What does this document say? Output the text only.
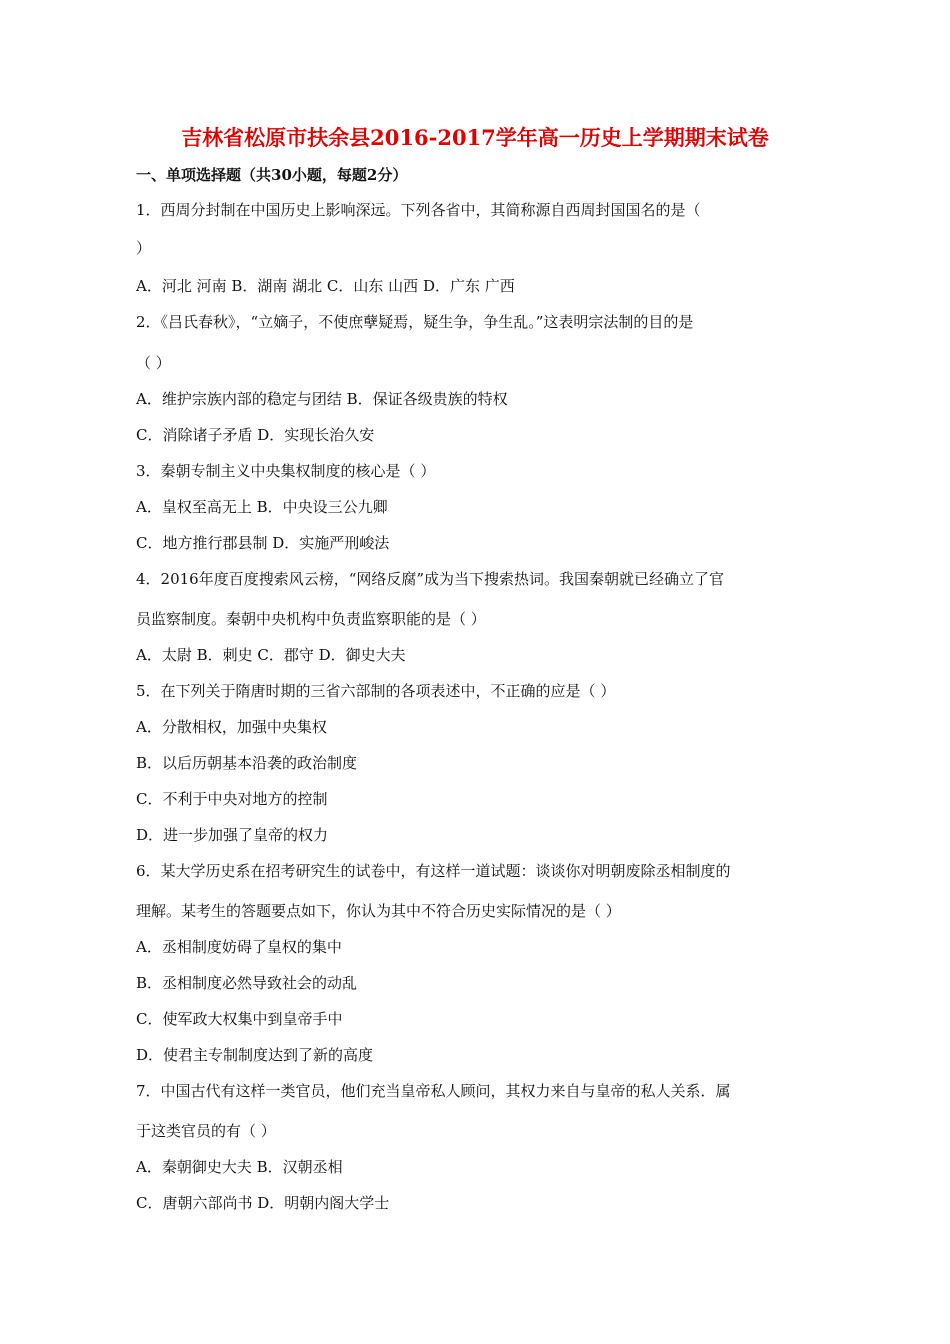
吉林省松原市扶余县2016-2017学年高一历史上学期期末试卷
一、单项选择题（共30小题，每题2分）
1．西周分封制在中国历史上影响深远。下列各省中，其简称源自西周封国国名的是（
）
A．河北 河南 B．湖南 湖北 C．山东 山西 D．广东 广西
2．《吕氏春秋》，“立嫡子，不使庶孽疑焉，疑生争，争生乱。”这表明宗法制的目的是
（ ）
A．维护宗族内部的稳定与团结 B．保证各级贵族的特权
C．消除诸子矛盾 D．实现长治久安
3．秦朝专制主义中央集权制度的核心是（ ）
A．皇权至高无上 B．中央设三公九卿
C．地方推行郡县制 D．实施严刑峻法
4．2016年度百度搜索风云榜，“网络反腐”成为当下搜索热词。我国秦朝就已经确立了官
员监察制度。秦朝中央机构中负责监察职能的是（ ）
A．太尉 B．刺史 C．郡守 D．御史大夫
5．在下列关于隋唐时期的三省六部制的各项表述中，不正确的应是（ ）
A．分散相权，加强中央集权
B．以后历朝基本沿袭的政治制度
C．不利于中央对地方的控制
D．进一步加强了皇帝的权力
6．某大学历史系在招考研究生的试卷中，有这样一道试题：谈谈你对明朝废除丞相制度的
理解。某考生的答题要点如下，你认为其中不符合历史实际情况的是（ ）
A．丞相制度妨碍了皇权的集中
B．丞相制度必然导致社会的动乱
C．使军政大权集中到皇帝手中
D．使君主专制制度达到了新的高度
7．中国古代有这样一类官员，他们充当皇帝私人顾问，其权力来自与皇帝的私人关系．属
于这类官员的有（ ）
A．秦朝御史大夫 B．汉朝丞相
C．唐朝六部尚书 D．明朝内阁大学士
